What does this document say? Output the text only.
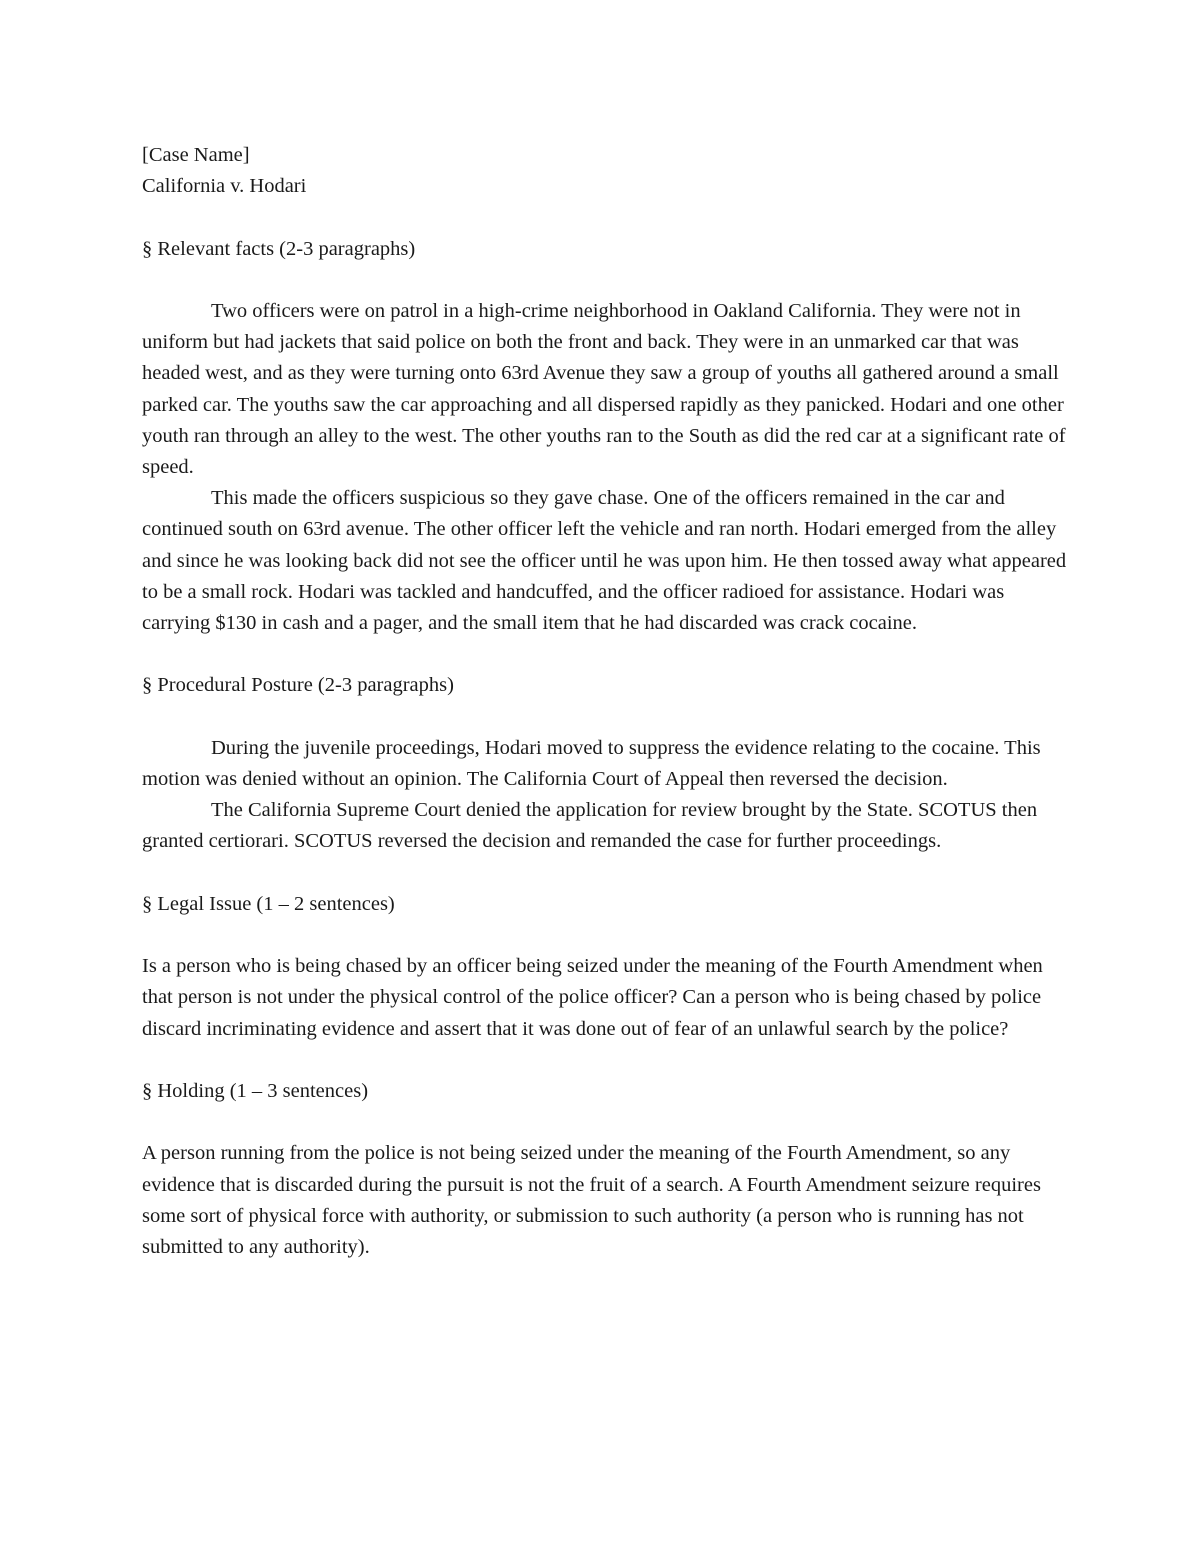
[Case Name]

California v. Hodari

§ Relevant facts (2-3 paragraphs)

Two officers were on patrol in a high-crime neighborhood in Oakland California. They were not in uniform but had jackets that said police on both the front and back. They were in an unmarked car that was headed west, and as they were turning onto 63rd Avenue they saw a group of youths all gathered around a small parked car. The youths saw the car approaching and all dispersed rapidly as they panicked. Hodari and one other youth ran through an alley to the west. The other youths ran to the South as did the red car at a significant rate of speed.

This made the officers suspicious so they gave chase. One of the officers remained in the car and continued south on 63rd avenue. The other officer left the vehicle and ran north. Hodari emerged from the alley and since he was looking back did not see the officer until he was upon him. He then tossed away what appeared to be a small rock. Hodari was tackled and handcuffed, and the officer radioed for assistance. Hodari was carrying $130 in cash and a pager, and the small item that he had discarded was crack cocaine.

§ Procedural Posture (2-3 paragraphs)

During the juvenile proceedings, Hodari moved to suppress the evidence relating to the cocaine. This motion was denied without an opinion. The California Court of Appeal then reversed the decision.

The California Supreme Court denied the application for review brought by the State. SCOTUS then granted certiorari. SCOTUS reversed the decision and remanded the case for further proceedings.

§ Legal Issue (1 – 2 sentences)

Is a person who is being chased by an officer being seized under the meaning of the Fourth Amendment when that person is not under the physical control of the police officer? Can a person who is being chased by police discard incriminating evidence and assert that it was done out of fear of an unlawful search by the police?

§ Holding (1 – 3 sentences)

A person running from the police is not being seized under the meaning of the Fourth Amendment, so any evidence that is discarded during the pursuit is not the fruit of a search. A Fourth Amendment seizure requires some sort of physical force with authority, or submission to such authority (a person who is running has not submitted to any authority).
